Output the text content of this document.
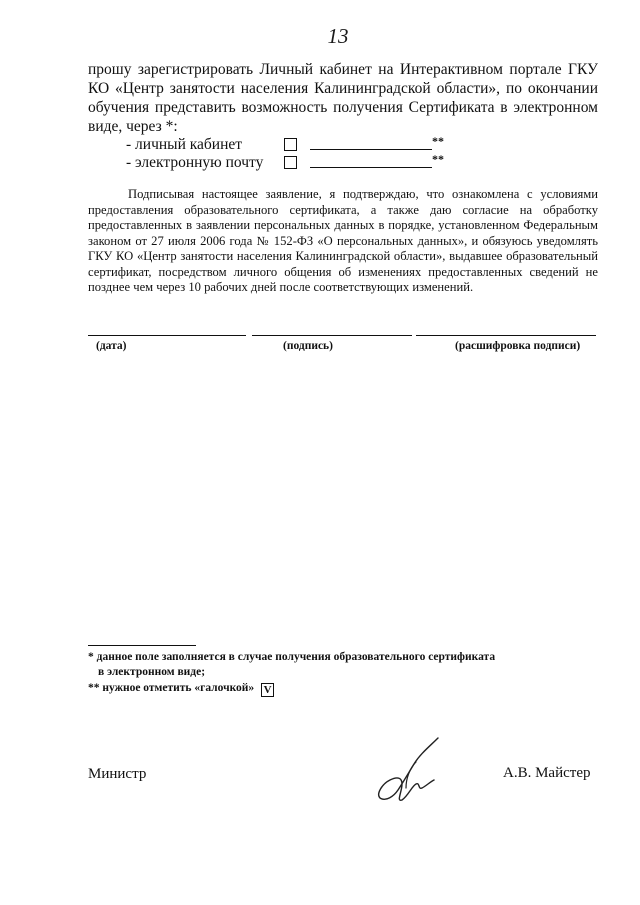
13
прошу зарегистрировать Личный кабинет на Интерактивном портале ГКУ КО «Центр занятости населения Калининградской области», по окончании обучения представить возможность получения Сертификата в электронном виде, через *:
- личный кабинет	**
- электронную почту	**
Подписывая настоящее заявление, я подтверждаю, что ознакомлена с условиями предоставления образовательного сертификата, а также даю согласие на обработку предоставленных в заявлении персональных данных в порядке, установленном Федеральным законом от 27 июля 2006 года № 152-ФЗ «О персональных данных», и обязуюсь уведомлять ГКУ КО «Центр занятости населения Калининградской области», выдавшее образовательный сертификат, посредством личного общения об изменениях предоставленных сведений не позднее чем через 10 рабочих дней после соответствующих изменений.
(дата)	(подпись)	(расшифровка подписи)
* данное поле заполняется в случае получения образовательного сертификата
в электронном виде;
** нужное отметить «галочкой» V
Министр	А.В. Майстер
